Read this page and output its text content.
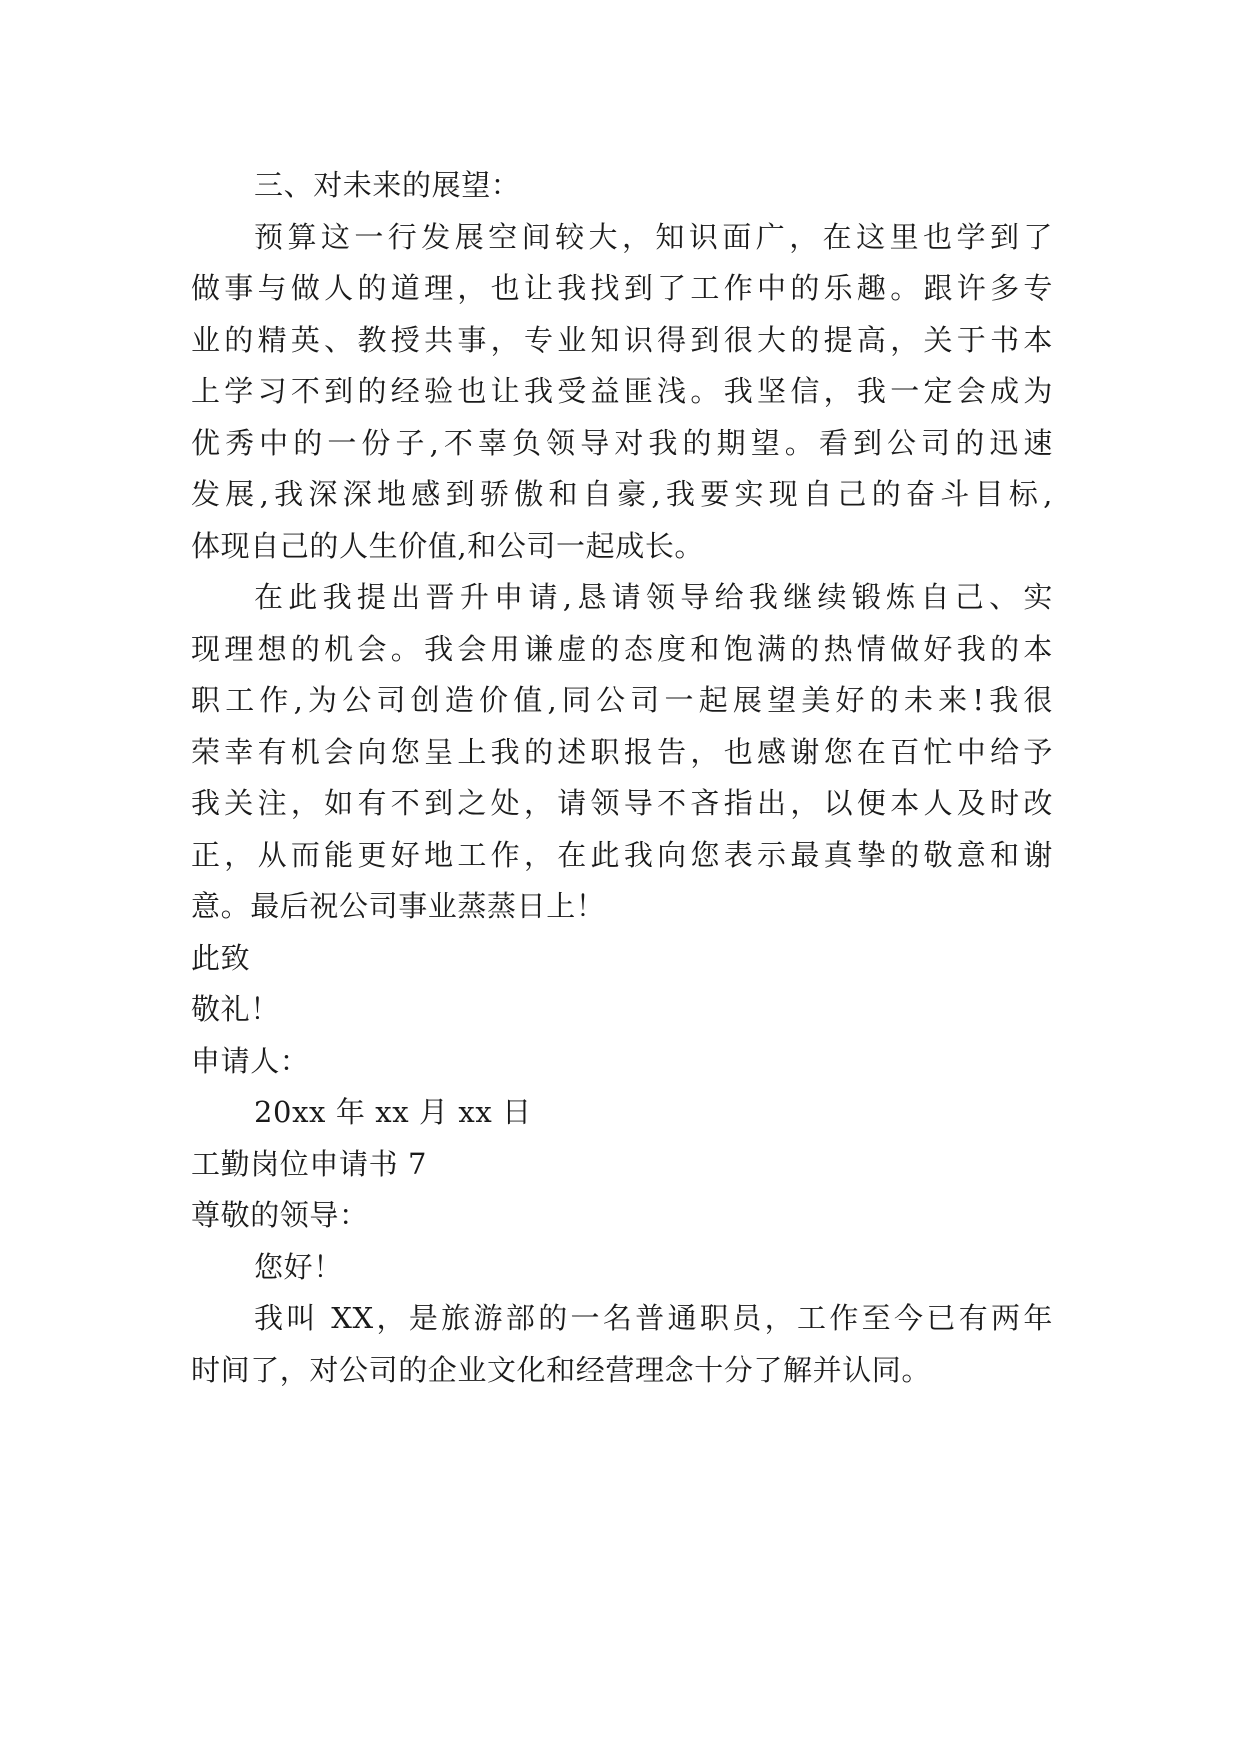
三、对未来的展望：
预算这一行发展空间较大，知识面广，在这里也学到了
做事与做人的道理，也让我找到了工作中的乐趣。跟许多专
业的精英、教授共事，专业知识得到很大的提高，关于书本
上学习不到的经验也让我受益匪浅。我坚信，我一定会成为
优秀中的一份子,不辜负领导对我的期望。看到公司的迅速
发展,我深深地感到骄傲和自豪,我要实现自己的奋斗目标,
体现自己的人生价值,和公司一起成长。
在此我提出晋升申请,恳请领导给我继续锻炼自己、实
现理想的机会。我会用谦虚的态度和饱满的热情做好我的本
职工作,为公司创造价值,同公司一起展望美好的未来!我很
荣幸有机会向您呈上我的述职报告，也感谢您在百忙中给予
我关注，如有不到之处，请领导不吝指出，以便本人及时改
正，从而能更好地工作，在此我向您表示最真挚的敬意和谢
意。最后祝公司事业蒸蒸日上！
此致
敬礼！
申请人：
20xx 年 xx 月 xx 日
工勤岗位申请书 7
尊敬的领导：
您好！
我叫 XX，是旅游部的一名普通职员，工作至今已有两年
时间了，对公司的企业文化和经营理念十分了解并认同。
